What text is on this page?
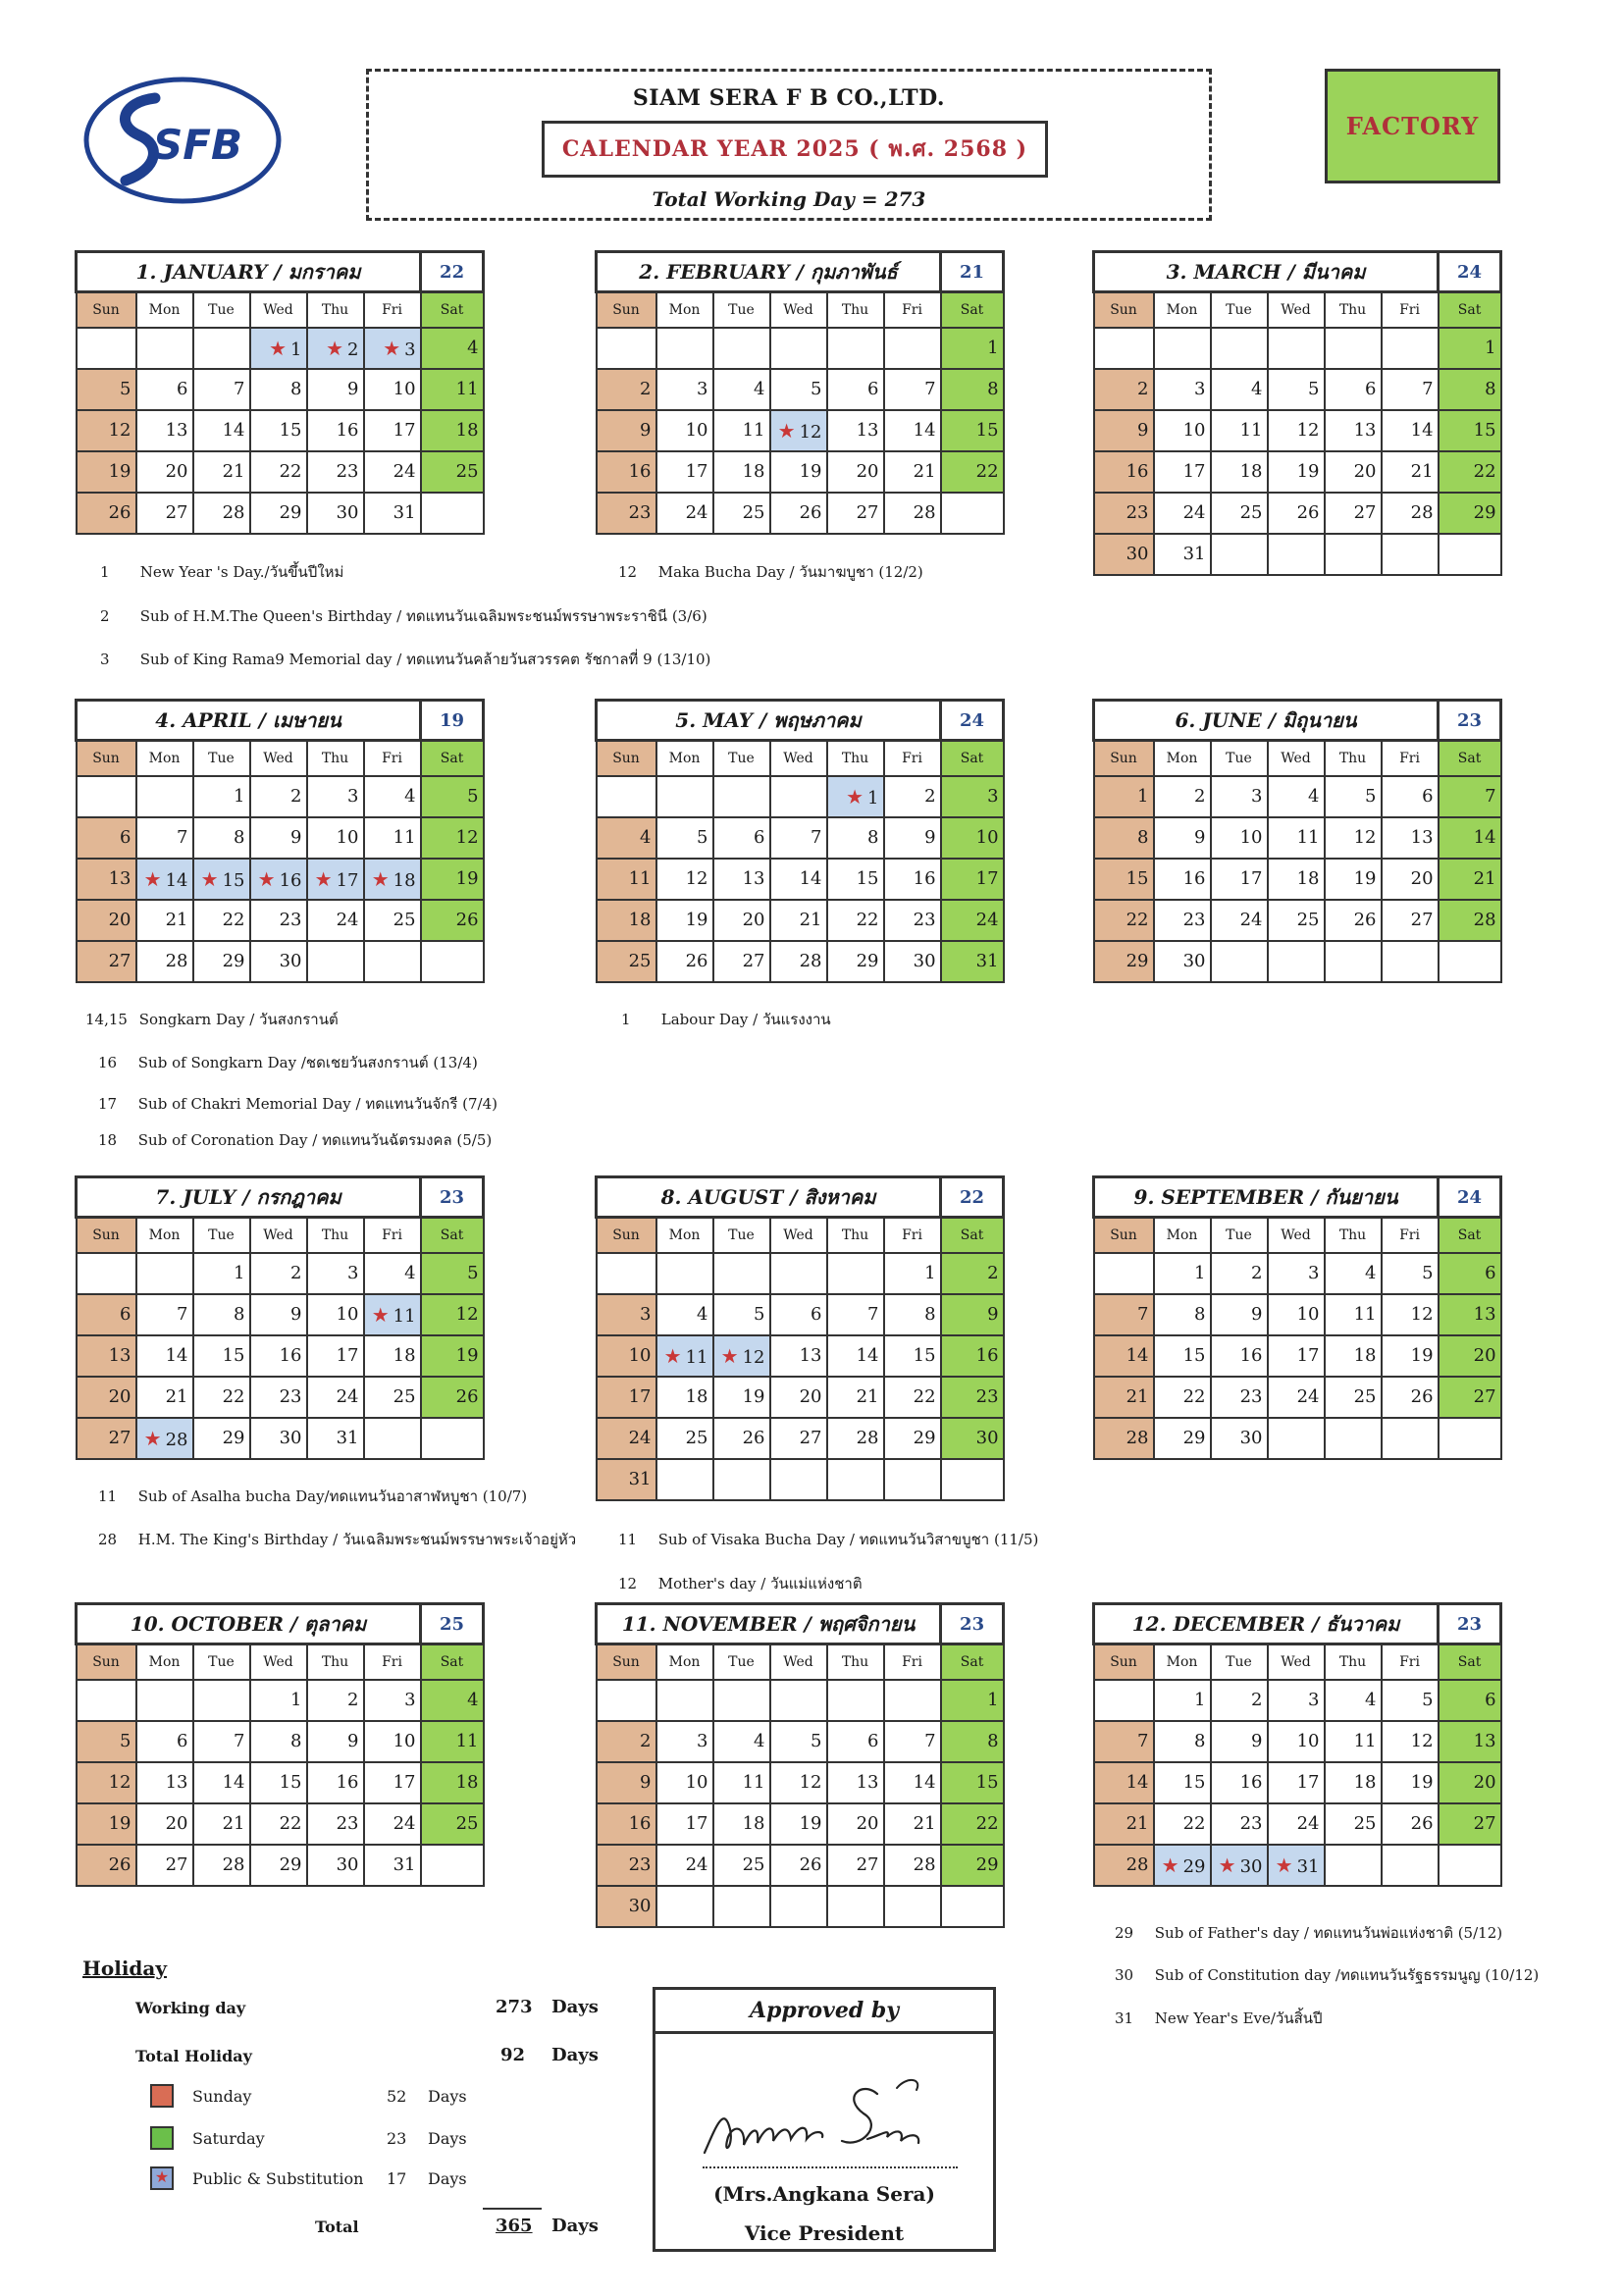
SFB
SIAM SERA F B CO.,LTD.
CALENDAR YEAR 2025 ( พ.ศ. 2568 )
Total Working Day = 273
FACTORY
1. JANUARY / มกราคม						22
Sun	Mon	Tue	Wed	Thu	Fri	Sat
			★ 1	★ 2	★ 3	4
5	6	7	8	9	10	11
12	13	14	15	16	17	18
19	20	21	22	23	24	25
26	27	28	29	30	31	
2. FEBRUARY / กุมภาพันธ์						21
Sun	Mon	Tue	Wed	Thu	Fri	Sat
						1
2	3	4	5	6	7	8
9	10	11	★ 12	13	14	15
16	17	18	19	20	21	22
23	24	25	26	27	28	
3. MARCH / มีนาคม						24
Sun	Mon	Tue	Wed	Thu	Fri	Sat
						1
2	3	4	5	6	7	8
9	10	11	12	13	14	15
16	17	18	19	20	21	22
23	24	25	26	27	28	29
30	31					
4. APRIL / เมษายน						19
Sun	Mon	Tue	Wed	Thu	Fri	Sat
		1	2	3	4	5
6	7	8	9	10	11	12
13	★ 14	★ 15	★ 16	★ 17	★ 18	19
20	21	22	23	24	25	26
27	28	29	30			
5. MAY / พฤษภาคม						24
Sun	Mon	Tue	Wed	Thu	Fri	Sat
				★ 1	2	3
4	5	6	7	8	9	10
11	12	13	14	15	16	17
18	19	20	21	22	23	24
25	26	27	28	29	30	31
6. JUNE / มิถุนายน						23
Sun	Mon	Tue	Wed	Thu	Fri	Sat
1	2	3	4	5	6	7
8	9	10	11	12	13	14
15	16	17	18	19	20	21
22	23	24	25	26	27	28
29	30					
7. JULY / กรกฎาคม						23
Sun	Mon	Tue	Wed	Thu	Fri	Sat
		1	2	3	4	5
6	7	8	9	10	★ 11	12
13	14	15	16	17	18	19
20	21	22	23	24	25	26
27	★ 28	29	30	31		
8. AUGUST / สิงหาคม						22
Sun	Mon	Tue	Wed	Thu	Fri	Sat
					1	2
3	4	5	6	7	8	9
10	★ 11	★ 12	13	14	15	16
17	18	19	20	21	22	23
24	25	26	27	28	29	30
31						
9. SEPTEMBER / กันยายน						24
Sun	Mon	Tue	Wed	Thu	Fri	Sat
	1	2	3	4	5	6
7	8	9	10	11	12	13
14	15	16	17	18	19	20
21	22	23	24	25	26	27
28	29	30				
10. OCTOBER / ตุลาคม						25
Sun	Mon	Tue	Wed	Thu	Fri	Sat
			1	2	3	4
5	6	7	8	9	10	11
12	13	14	15	16	17	18
19	20	21	22	23	24	25
26	27	28	29	30	31	
11. NOVEMBER / พฤศจิกายน						23
Sun	Mon	Tue	Wed	Thu	Fri	Sat
						1
2	3	4	5	6	7	8
9	10	11	12	13	14	15
16	17	18	19	20	21	22
23	24	25	26	27	28	29
30						
12. DECEMBER / ธันวาคม						23
Sun	Mon	Tue	Wed	Thu	Fri	Sat
	1	2	3	4	5	6
7	8	9	10	11	12	13
14	15	16	17	18	19	20
21	22	23	24	25	26	27
28	★ 29	★ 30	★ 31			
1 New Year 's Day./วันขึ้นปีใหม่
2 Sub of H.M.The Queen's Birthday / ทดแทนวันเฉลิมพระชนม์พรรษาพระราชินี (3/6)
3 Sub of King Rama9 Memorial day / ทดแทนวันคล้ายวันสวรรคต รัชกาลที่ 9 (13/10)
12 Maka Bucha Day / วันมาฆบูชา (12/2)
14,15 Songkarn Day / วันสงกรานต์
16 Sub of Songkarn Day /ชดเชยวันสงกรานต์ (13/4)
17 Sub of Chakri Memorial Day / ทดแทนวันจักรี (7/4)
18 Sub of Coronation Day / ทดแทนวันฉัตรมงคล (5/5)
1 Labour Day / วันแรงงาน
11 Sub of Asalha bucha Day/ทดแทนวันอาสาฬหบูชา (10/7)
28 H.M. The King's Birthday / วันเฉลิมพระชนม์พรรษาพระเจ้าอยู่หัว	11 Sub of Visaka Bucha Day / ทดแทนวันวิสาขบูชา (11/5)
12 Mother's day / วันแม่แห่งชาติ
29 Sub of Father's day / ทดแทนวันพ่อแห่งชาติ (5/12)
30 Sub of Constitution day /ทดแทนวันรัฐธรรมนูญ (10/12)
31 New Year's Eve/วันสิ้นปี
Holiday
Working day	273 Days
Total Holiday	92 Days
Sunday	52 Days
Saturday	23 Days
★	Public & Substitution 17 Days
Total	365 Days
Approved by
(Mrs.Angkana Sera)
Vice President
